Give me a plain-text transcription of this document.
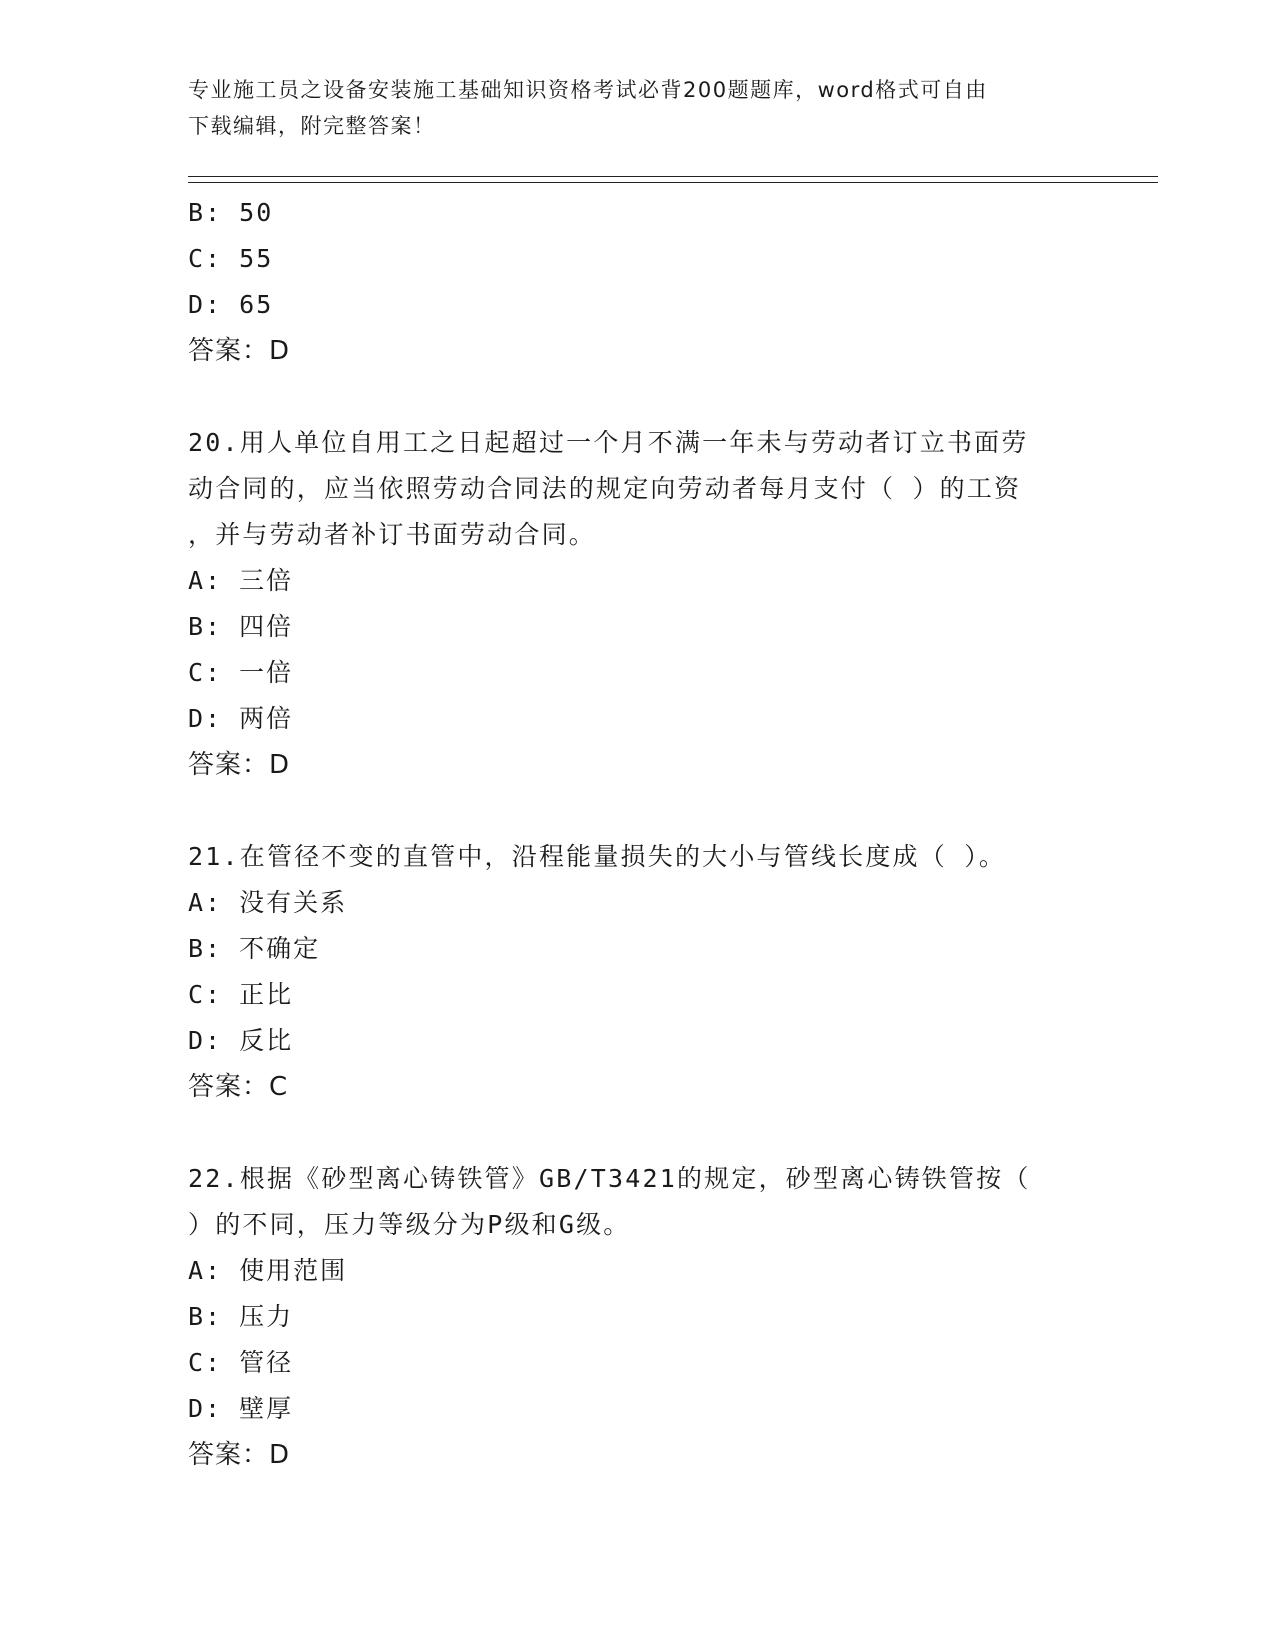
专业施工员之设备安装施工基础知识资格考试必背200题题库，word格式可自由
下载编辑，附完整答案！
B: 50
C: 55
D: 65
答案：D
20.用人单位自用工之日起超过一个月不满一年未与劳动者订立书面劳
动合同的，应当依照劳动合同法的规定向劳动者每月支付（ ）的工资
，并与劳动者补订书面劳动合同。
A: 三倍
B: 四倍
C: 一倍
D: 两倍
答案：D
21.在管径不变的直管中，沿程能量损失的大小与管线长度成（ ）。
A: 没有关系
B: 不确定
C: 正比
D: 反比
答案：C
22.根据《砂型离心铸铁管》GB/T3421的规定，砂型离心铸铁管按（
）的不同，压力等级分为P级和G级。
A: 使用范围
B: 压力
C: 管径
D: 壁厚
答案：D
